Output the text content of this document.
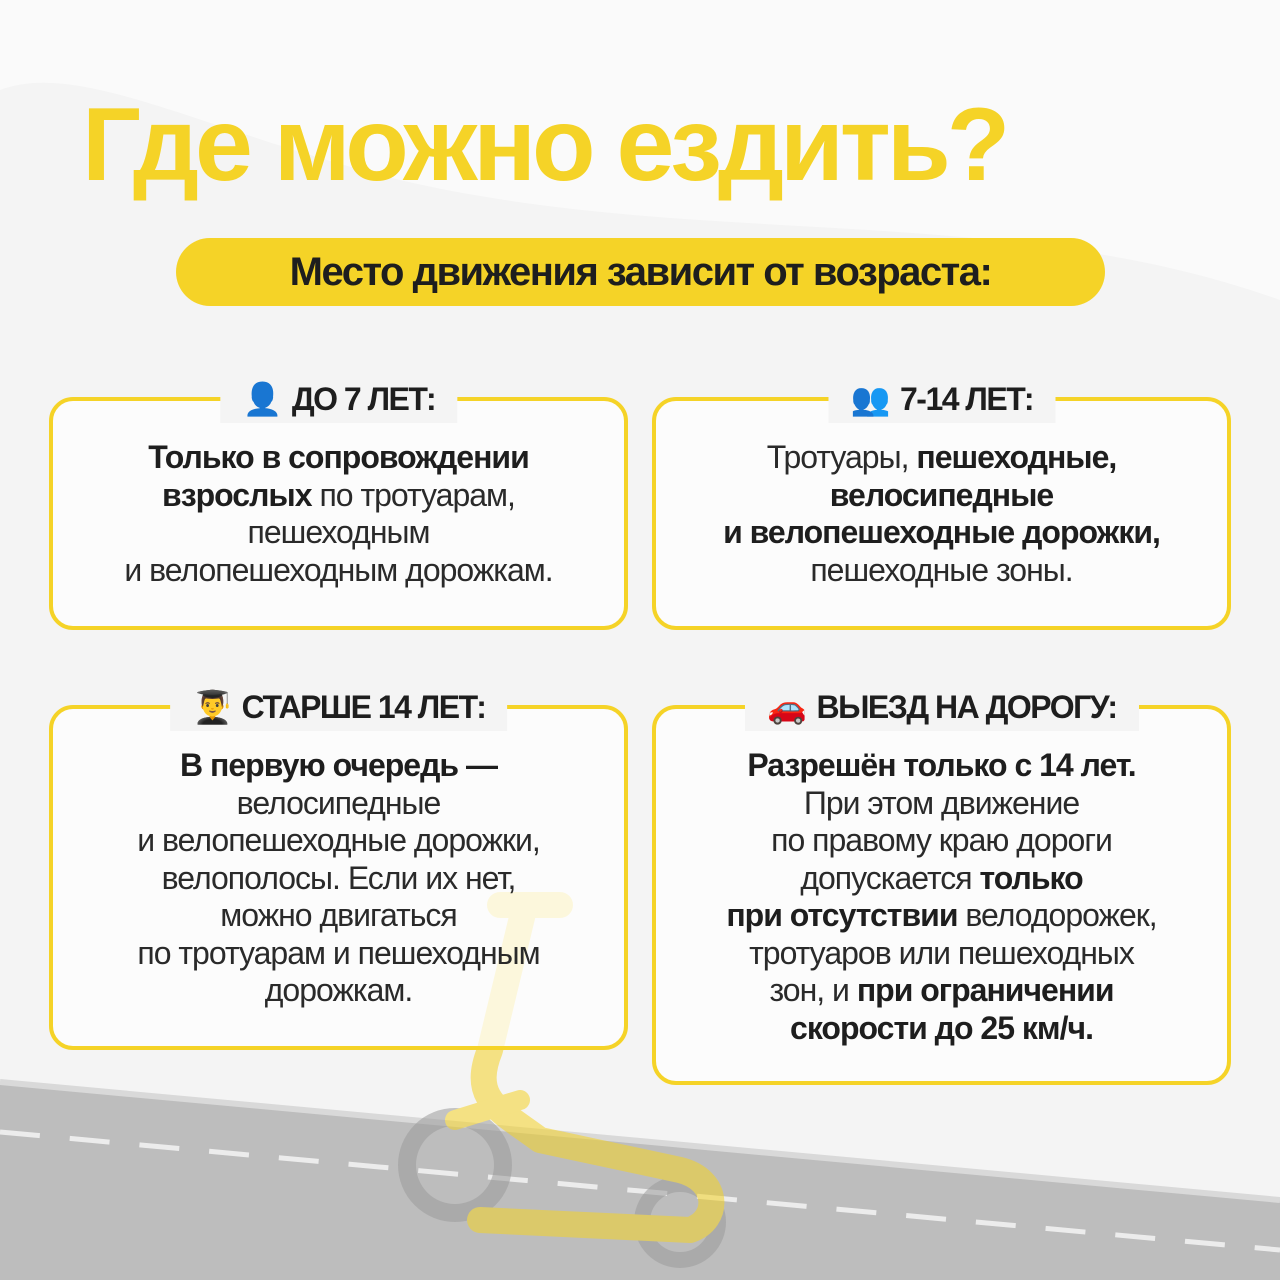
Где можно ездить?
Место движения зависит от возраста:
👤 ДО 7 ЛЕТ:
Только в сопровождении
взрослых по тротуарам,
пешеходным
и велопешеходным дорожкам.
👥 7-14 ЛЕТ:
Тротуары, пешеходные,
велосипедные
и велопешеходные дорожки,
пешеходные зоны.
👨‍🎓 СТАРШЕ 14 ЛЕТ:
В первую очередь —
велосипедные
и велопешеходные дорожки,
велополосы. Если их нет,
можно двигаться
по тротуарам и пешеходным
дорожкам.
🚗 ВЫЕЗД НА ДОРОГУ:
Разрешён только с 14 лет.
При этом движение
по правому краю дороги
допускается только
при отсутствии велодорожек,
тротуаров или пешеходных
зон, и при ограничении
скорости до 25 км/ч.
